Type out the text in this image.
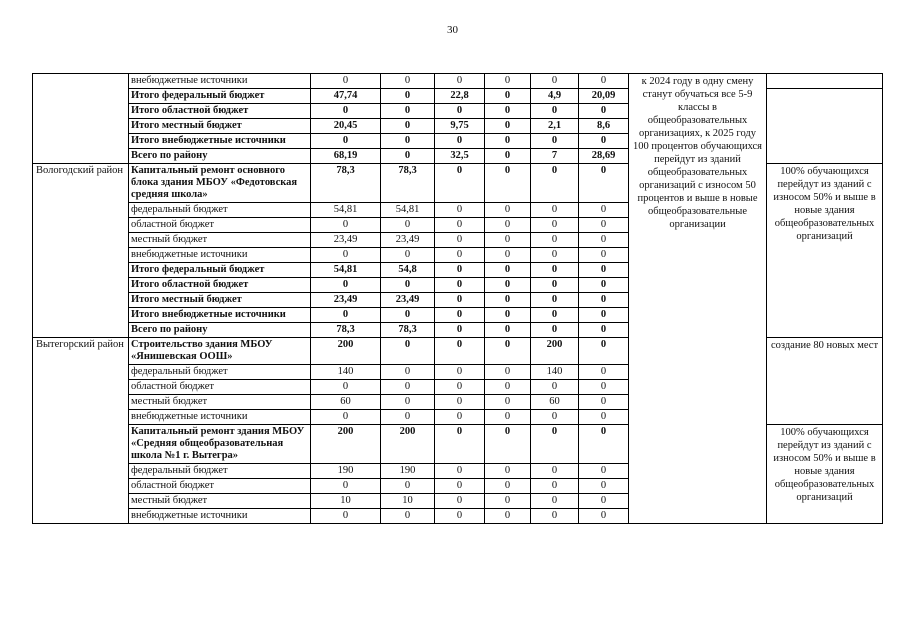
30
	внебюджетные источники	0	0	0	0	0	0	к 2024 году в одну смену станут обучаться все 5-9 классы в общеобразовательных организациях, к 2025 году 100 процентов обучающихся перейдут из зданий общеобразовательных организаций с износом 50 процентов и выше в новые общеобразовательные организации	
	Итого федеральный бюджет	47,74	0	22,8	0	4,9	20,09		
	Итого областной бюджет	0	0	0	0	0	0		
	Итого местный бюджет	20,45	0	9,75	0	2,1	8,6		
	Итого внебюджетные источники	0	0	0	0	0	0		
	Всего по району	68,19	0	32,5	0	7	28,69		
Вологодский район	Капитальный ремонт основного блока здания МБОУ «Федотовская средняя школа»	78,3	78,3	0	0	0	0		100% обучающихся перейдут из зданий с износом 50% и выше в новые здания общеобразовательных организаций
	федеральный бюджет	54,81	54,81	0	0	0	0		
	областной бюджет	0	0	0	0	0	0		
	местный бюджет	23,49	23,49	0	0	0	0		
	внебюджетные источники	0	0	0	0	0	0		
	Итого федеральный бюджет	54,81	54,8	0	0	0	0		
	Итого областной бюджет	0	0	0	0	0	0		
	Итого местный бюджет	23,49	23,49	0	0	0	0		
	Итого внебюджетные источники	0	0	0	0	0	0		
	Всего по району	78,3	78,3	0	0	0	0		
Вытегорский район	Строительство здания МБОУ «Янишевская ООШ»	200	0	0	0	200	0		создание 80 новых мест
	федеральный бюджет	140	0	0	0	140	0		
	областной бюджет	0	0	0	0	0	0		
	местный бюджет	60	0	0	0	60	0		
	внебюджетные источники	0	0	0	0	0	0		
	Капитальный ремонт здания МБОУ «Средняя общеобразовательная школа №1 г. Вытегра»	200	200	0	0	0	0		100% обучающихся перейдут из зданий с износом 50% и выше в новые здания общеобразовательных организаций
	федеральный бюджет	190	190	0	0	0	0		
	областной бюджет	0	0	0	0	0	0		
	местный бюджет	10	10	0	0	0	0		
	внебюджетные источники	0	0	0	0	0	0		
